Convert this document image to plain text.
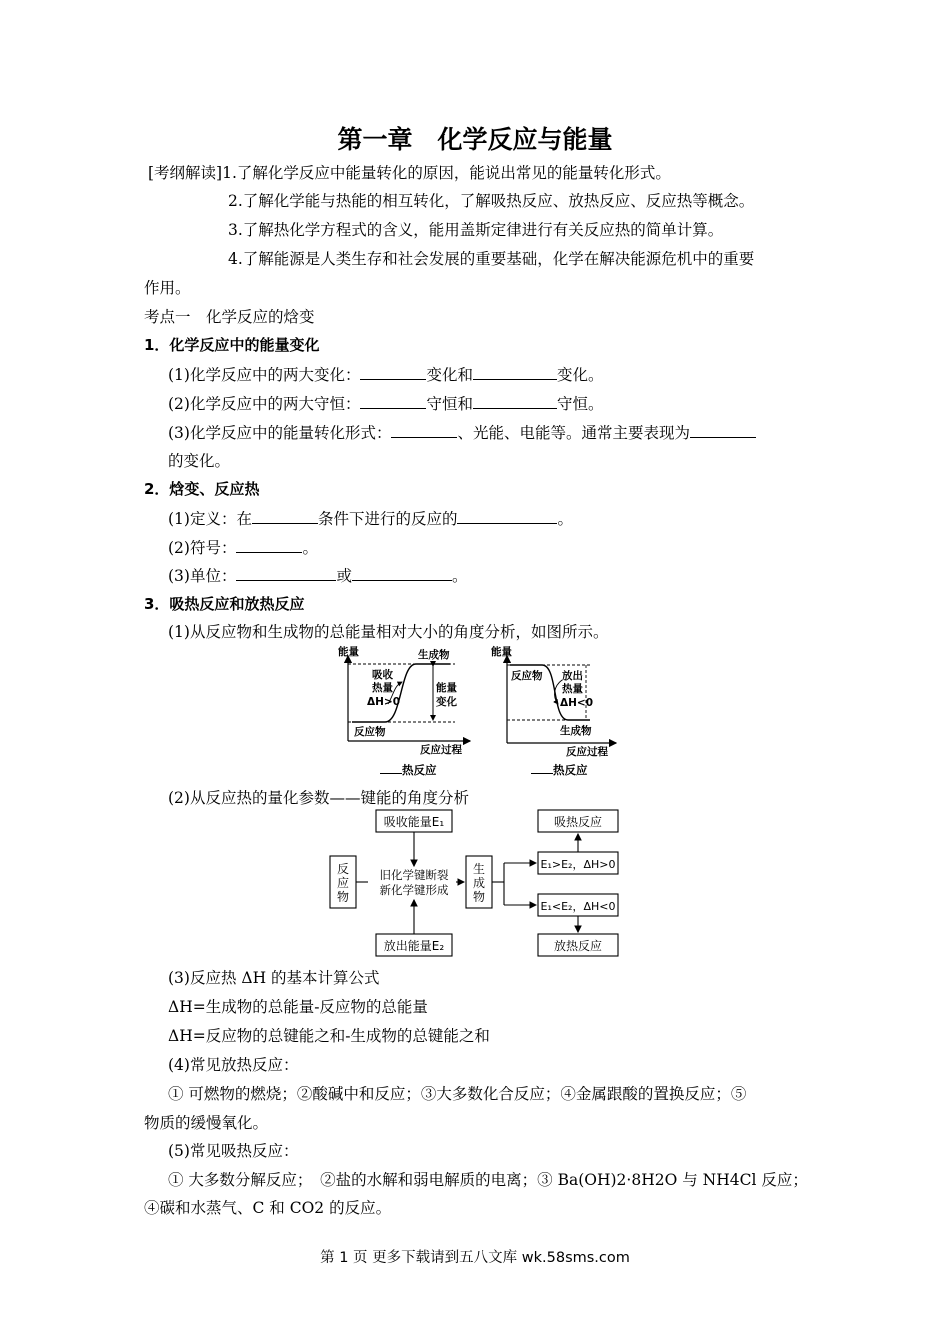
第一章　化学反应与能量
[考纲解读]1.了解化学反应中能量转化的原因，能说出常见的能量转化形式。
2.了解化学能与热能的相互转化，了解吸热反应、放热反应、反应热等概念。
3.了解热化学方程式的含义，能用盖斯定律进行有关反应热的简单计算。
4.了解能源是人类生存和社会发展的重要基础，化学在解决能源危机中的重要
作用。
考点一　化学反应的焓变
1．化学反应中的能量变化
(1)化学反应中的两大变化：	变化和	变化。
(2)化学反应中的两大守恒：	守恒和	守恒。
(3)化学反应中的能量转化形式：	、光能、电能等。通常主要表现为
的变化。
2．焓变、反应热
(1)定义：在	条件下进行的反应的	。
(2)符号：	。
(3)单位：	或	。
3．吸热反应和放热反应
(1)从反应物和生成物的总能量相对大小的角度分析，如图所示。
能量	生成物
吸收
热量
ΔH>0
能量
变化
反应物
反应过程
能量
反应物 放出
热量
ΔH<0
生成物
反应过程
热反应	热反应
(2)从反应热的量化参数——键能的角度分析
吸收能量E₁
放出能量E₂
反
应
物
旧化学键断裂
新化学键形成
生
成
物
E₁>E₂，ΔH>0
E₁<E₂，ΔH<0
吸热反应
放热反应
(3)反应热 ΔH 的基本计算公式
ΔH=生成物的总能量-反应物的总能量
ΔH=反应物的总键能之和-生成物的总键能之和
(4)常见放热反应：
① 可燃物的燃烧；②酸碱中和反应；③大多数化合反应；④金属跟酸的置换反应；⑤
物质的缓慢氧化。
(5)常见吸热反应：
① 大多数分解反应；　②盐的水解和弱电解质的电离；③ Ba(OH)2·8H2O 与 NH4Cl 反应；
④碳和水蒸气、C 和 CO2 的反应。
第 1 页 更多下载请到五八文库 wk.58sms.com
